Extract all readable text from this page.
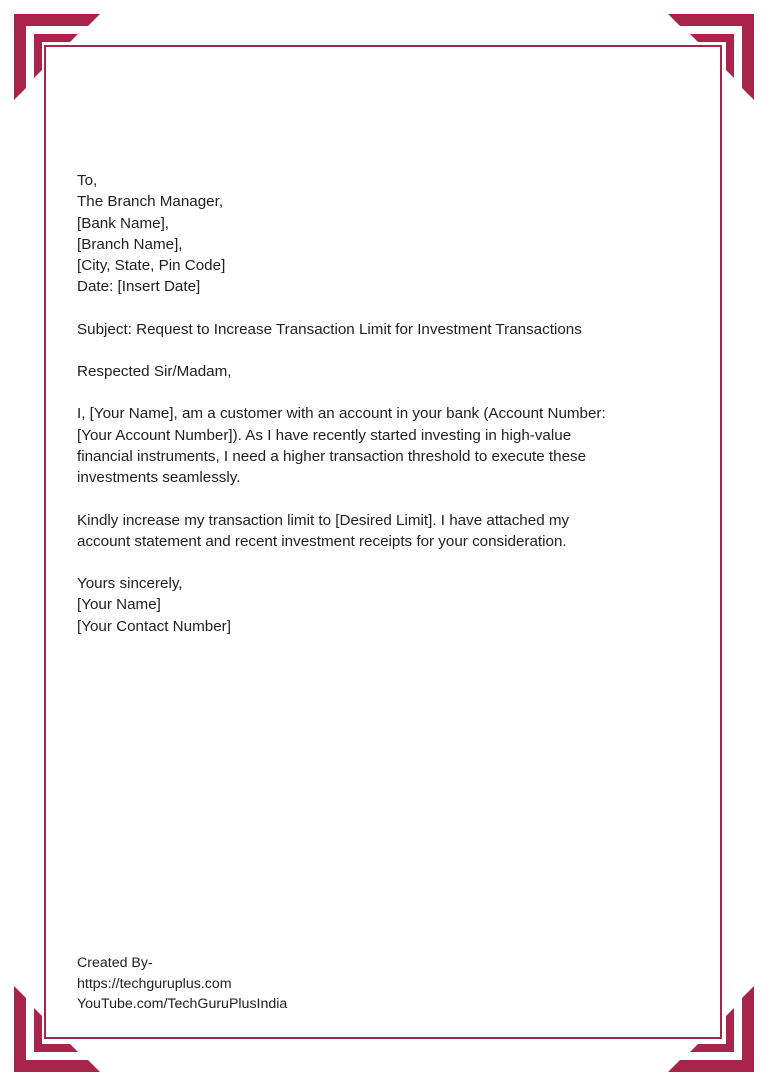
To,

The Branch Manager,

[Bank Name],

[Branch Name],

[City, State, Pin Code]

Date: [Insert Date]

Subject: Request to Increase Transaction Limit for Investment Transactions

Respected Sir/Madam,

I, [Your Name], am a customer with an account in your bank (Account Number:

[Your Account Number]). As I have recently started investing in high-value

financial instruments, I need a higher transaction threshold to execute these

investments seamlessly.

Kindly increase my transaction limit to [Desired Limit]. I have attached my

account statement and recent investment receipts for your consideration.

Yours sincerely,

[Your Name]

[Your Contact Number]

Created By-
https://techguruplus.com
YouTube.com/TechGuruPlusIndia
